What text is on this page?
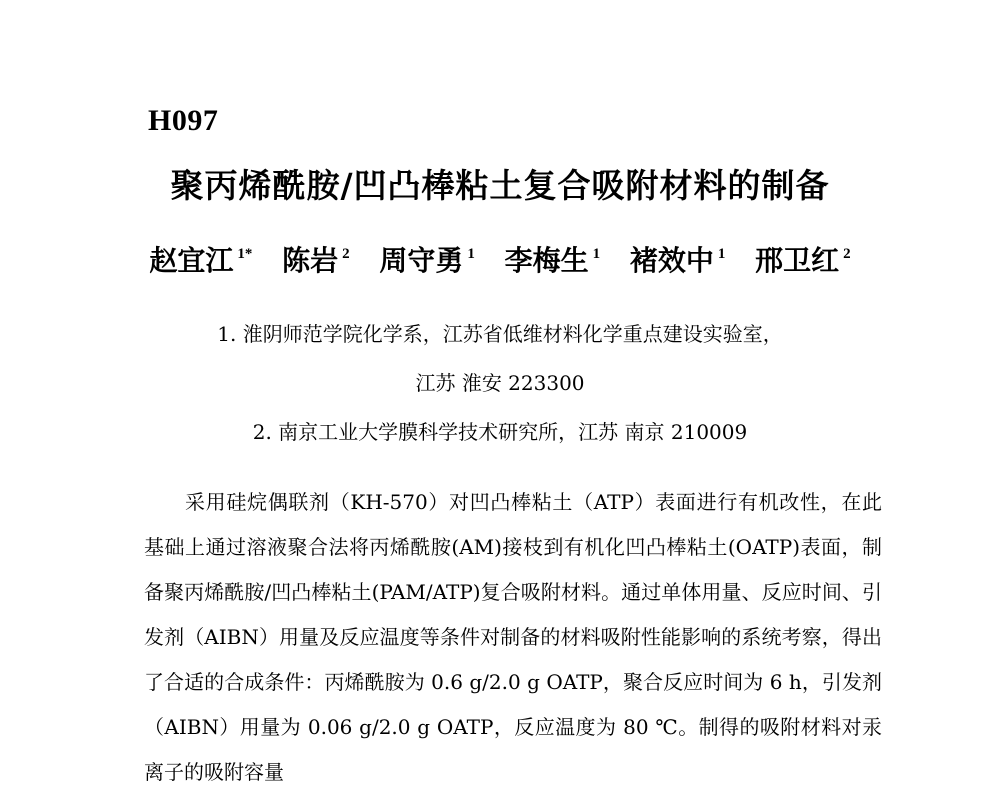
H097
聚丙烯酰胺/凹凸棒粘土复合吸附材料的制备
赵宜江 $^{1*}$ 陈岩 $^2$ 周守勇 $^1$ 李梅生 $^1$ 褚效中 $^1$ 邢卫红 $^2$
1. 淮阴师范学院化学系，江苏省低维材料化学重点建设实验室，
江苏 淮安 223300
2. 南京工业大学膜科学技术研究所，江苏 南京 210009

采用硅烷偶联剂（KH-570）对凹凸棒粘土（ATP）表面进行有机改性，在此基础上通过溶液聚合法将丙烯酰胺(AM)接枝到有机化凹凸棒粘土(OATP)表面，制备聚丙烯酰胺/凹凸棒粘土(PAM/ATP)复合吸附材料。通过单体用量、反应时间、引发剂（AIBN）用量及反应温度等条件对制备的材料吸附性能影响的系统考察，得出了合适的合成条件：丙烯酰胺为 0.6 g/2.0 g OATP，聚合反应时间为 6 h，引发剂（AIBN）用量为 0.06 g/2.0 g OATP，反应温度为 80 ℃。制得的吸附材料对汞离子的吸附容量
